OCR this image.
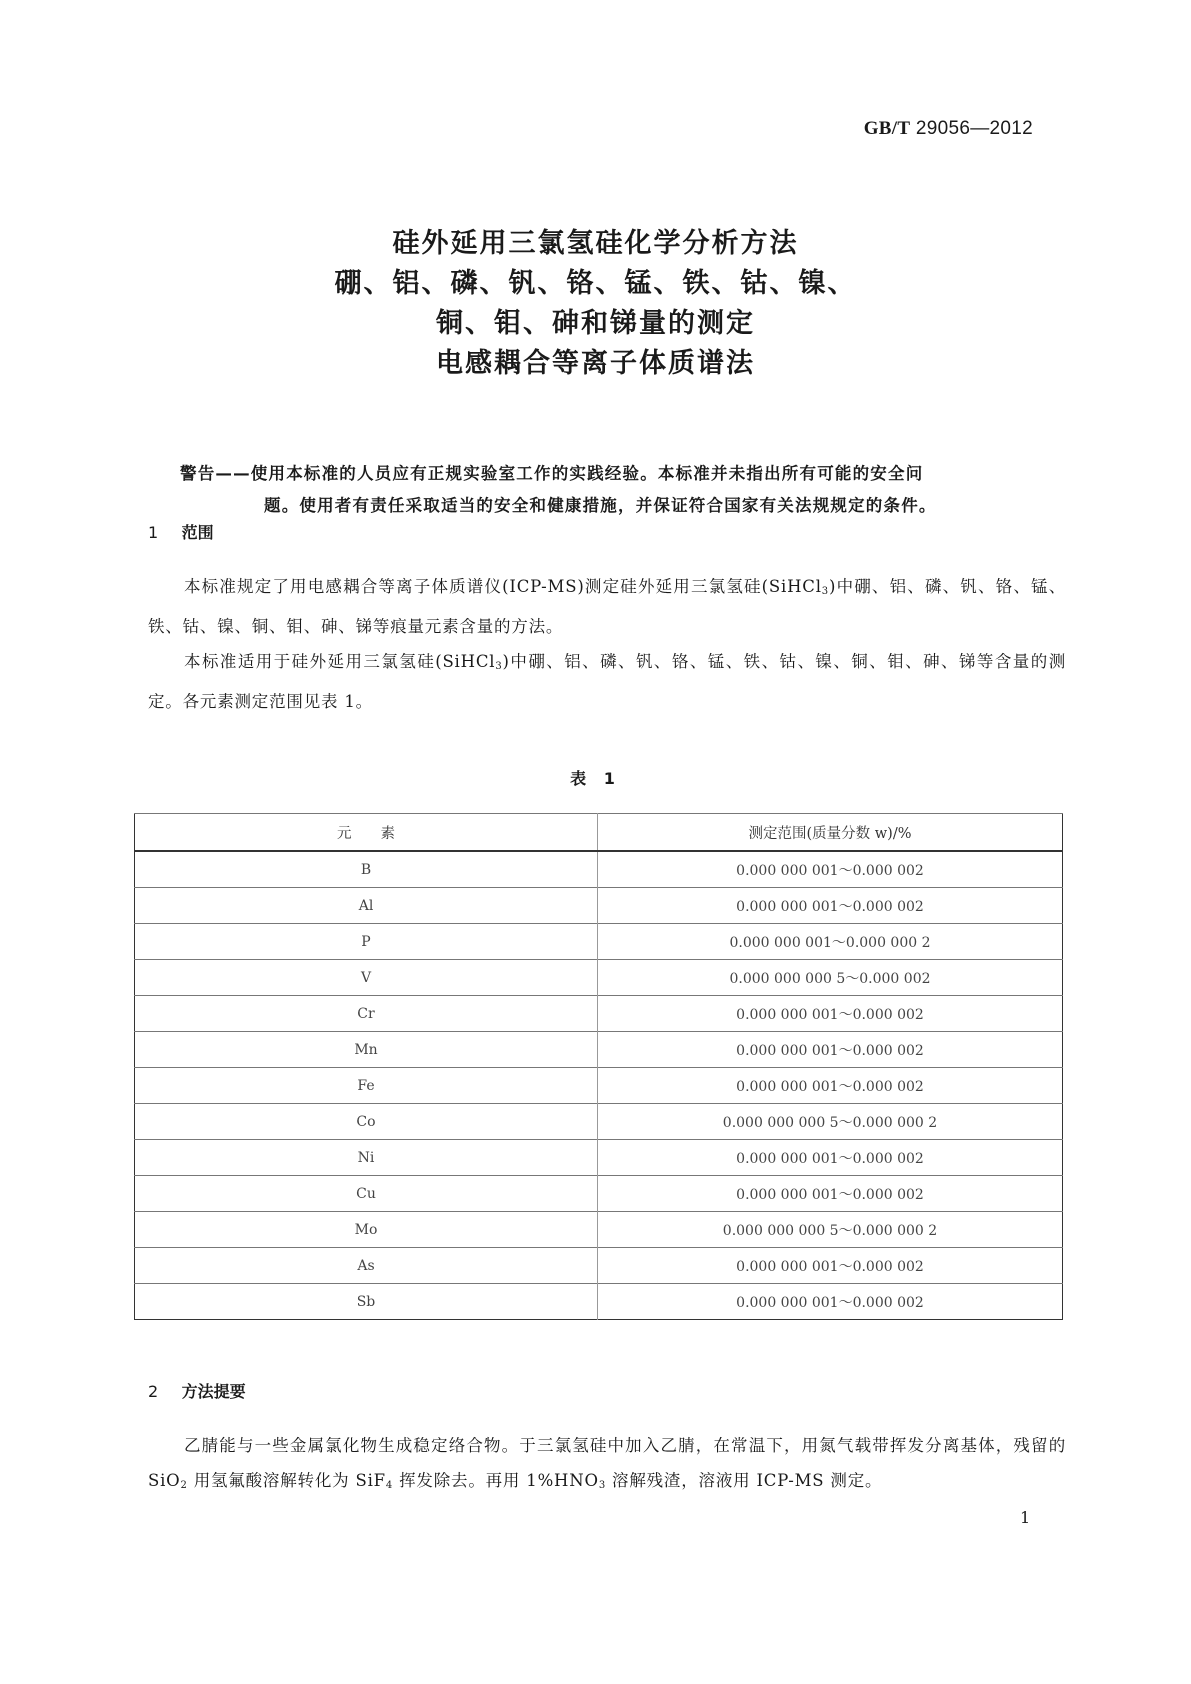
GB/T 29056—2012
硅外延用三氯氢硅化学分析方法
硼、铝、磷、钒、铬、锰、铁、钴、镍、
铜、钼、砷和锑量的测定
电感耦合等离子体质谱法
警告——使用本标准的人员应有正规实验室工作的实践经验。本标准并未指出所有可能的安全问
题。使用者有责任采取适当的安全和健康措施，并保证符合国家有关法规规定的条件。
1 范围

本标准规定了用电感耦合等离子体质谱仪(ICP-MS)测定硅外延用三氯氢硅(SiHCl$_3$)中硼、铝、磷、钒、铬、锰、铁、钴、镍、铜、钼、砷、锑等痕量元素含量的方法。

本标准适用于硅外延用三氯氢硅(SiHCl$_3$)中硼、铝、磷、钒、铬、锰、铁、钴、镍、铜、钼、砷、锑等含量的测定。各元素测定范围见表 1。

表 1
元　　素	测定范围(质量分数 w)/%
B	0.000 000 001～0.000 002
Al	0.000 000 001～0.000 002
P	0.000 000 001～0.000 000 2
V	0.000 000 000 5～0.000 002
Cr	0.000 000 001～0.000 002
Mn	0.000 000 001～0.000 002
Fe	0.000 000 001～0.000 002
Co	0.000 000 000 5～0.000 000 2
Ni	0.000 000 001～0.000 002
Cu	0.000 000 001～0.000 002
Mo	0.000 000 000 5～0.000 000 2
As	0.000 000 001～0.000 002
Sb	0.000 000 001～0.000 002
2 方法提要

乙腈能与一些金属氯化物生成稳定络合物。于三氯氢硅中加入乙腈，在常温下，用氮气载带挥发分离基体，残留的 SiO$_2$ 用氢氟酸溶解转化为 SiF$_4$ 挥发除去。再用 $1\%HNO_3$ 溶解残渣，溶液用 ICP-MS 测定。

1
